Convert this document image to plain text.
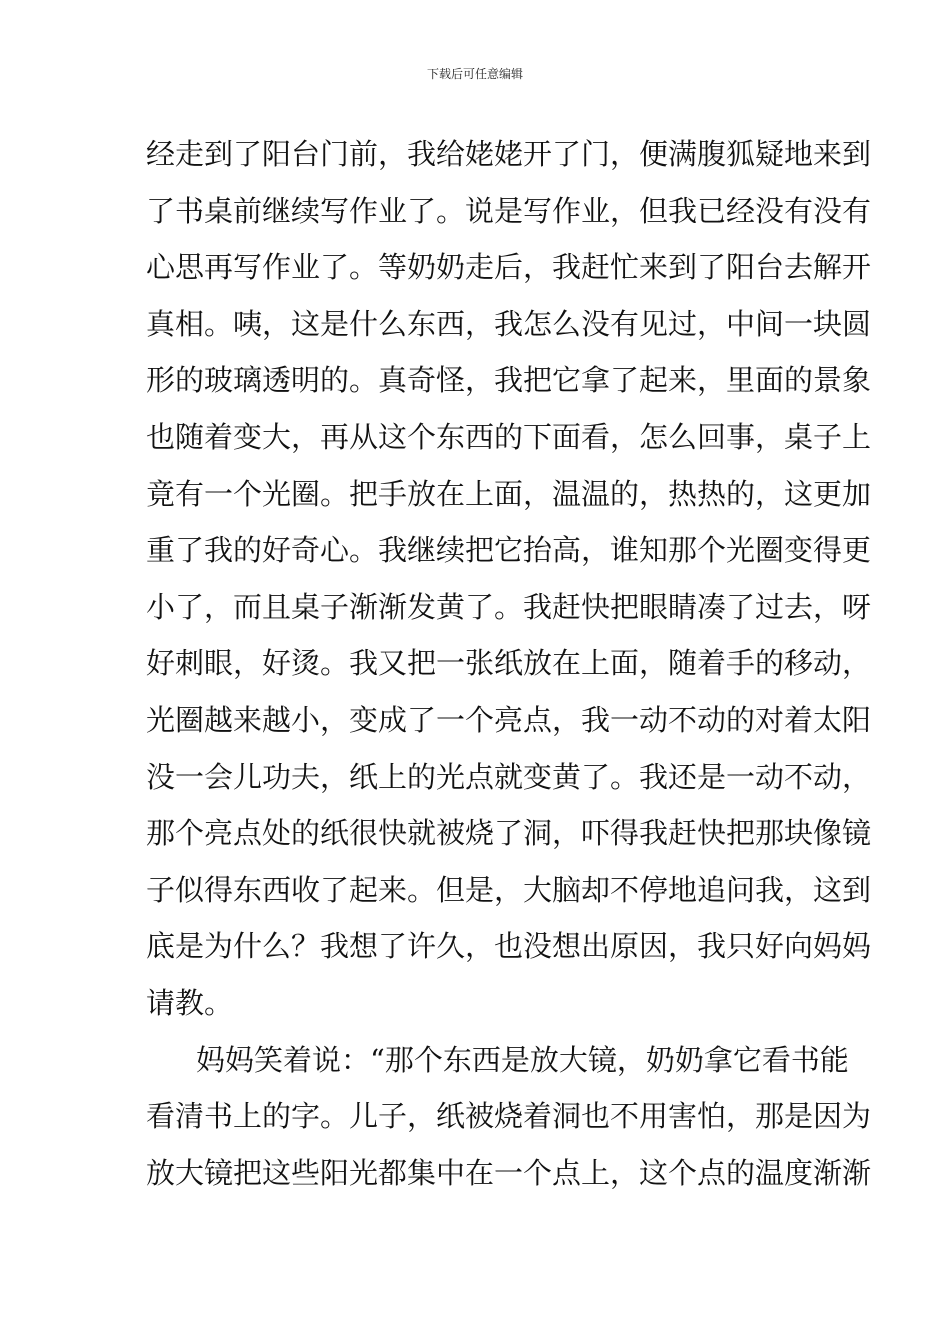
下载后可任意编辑
经走到了阳台门前，我给姥姥开了门，便满腹狐疑地来到
了书桌前继续写作业了。说是写作业，但我已经没有没有
心思再写作业了。等奶奶走后，我赶忙来到了阳台去解开
真相。咦，这是什么东西，我怎么没有见过，中间一块圆
形的玻璃透明的。真奇怪，我把它拿了起来，里面的景象
也随着变大，再从这个东西的下面看，怎么回事，桌子上
竟有一个光圈。把手放在上面，温温的，热热的，这更加
重了我的好奇心。我继续把它抬高，谁知那个光圈变得更
小了，而且桌子渐渐发黄了。我赶快把眼睛凑了过去，呀
好刺眼，好烫。我又把一张纸放在上面，随着手的移动，
光圈越来越小，变成了一个亮点，我一动不动的对着太阳
没一会儿功夫，纸上的光点就变黄了。我还是一动不动，
那个亮点处的纸很快就被烧了洞，吓得我赶快把那块像镜
子似得东西收了起来。但是，大脑却不停地追问我，这到
底是为什么？我想了许久，也没想出原因，我只好向妈妈
请教。
妈妈笑着说：“那个东西是放大镜，奶奶拿它看书能
看清书上的字。儿子，纸被烧着洞也不用害怕，那是因为
放大镜把这些阳光都集中在一个点上，这个点的温度渐渐
